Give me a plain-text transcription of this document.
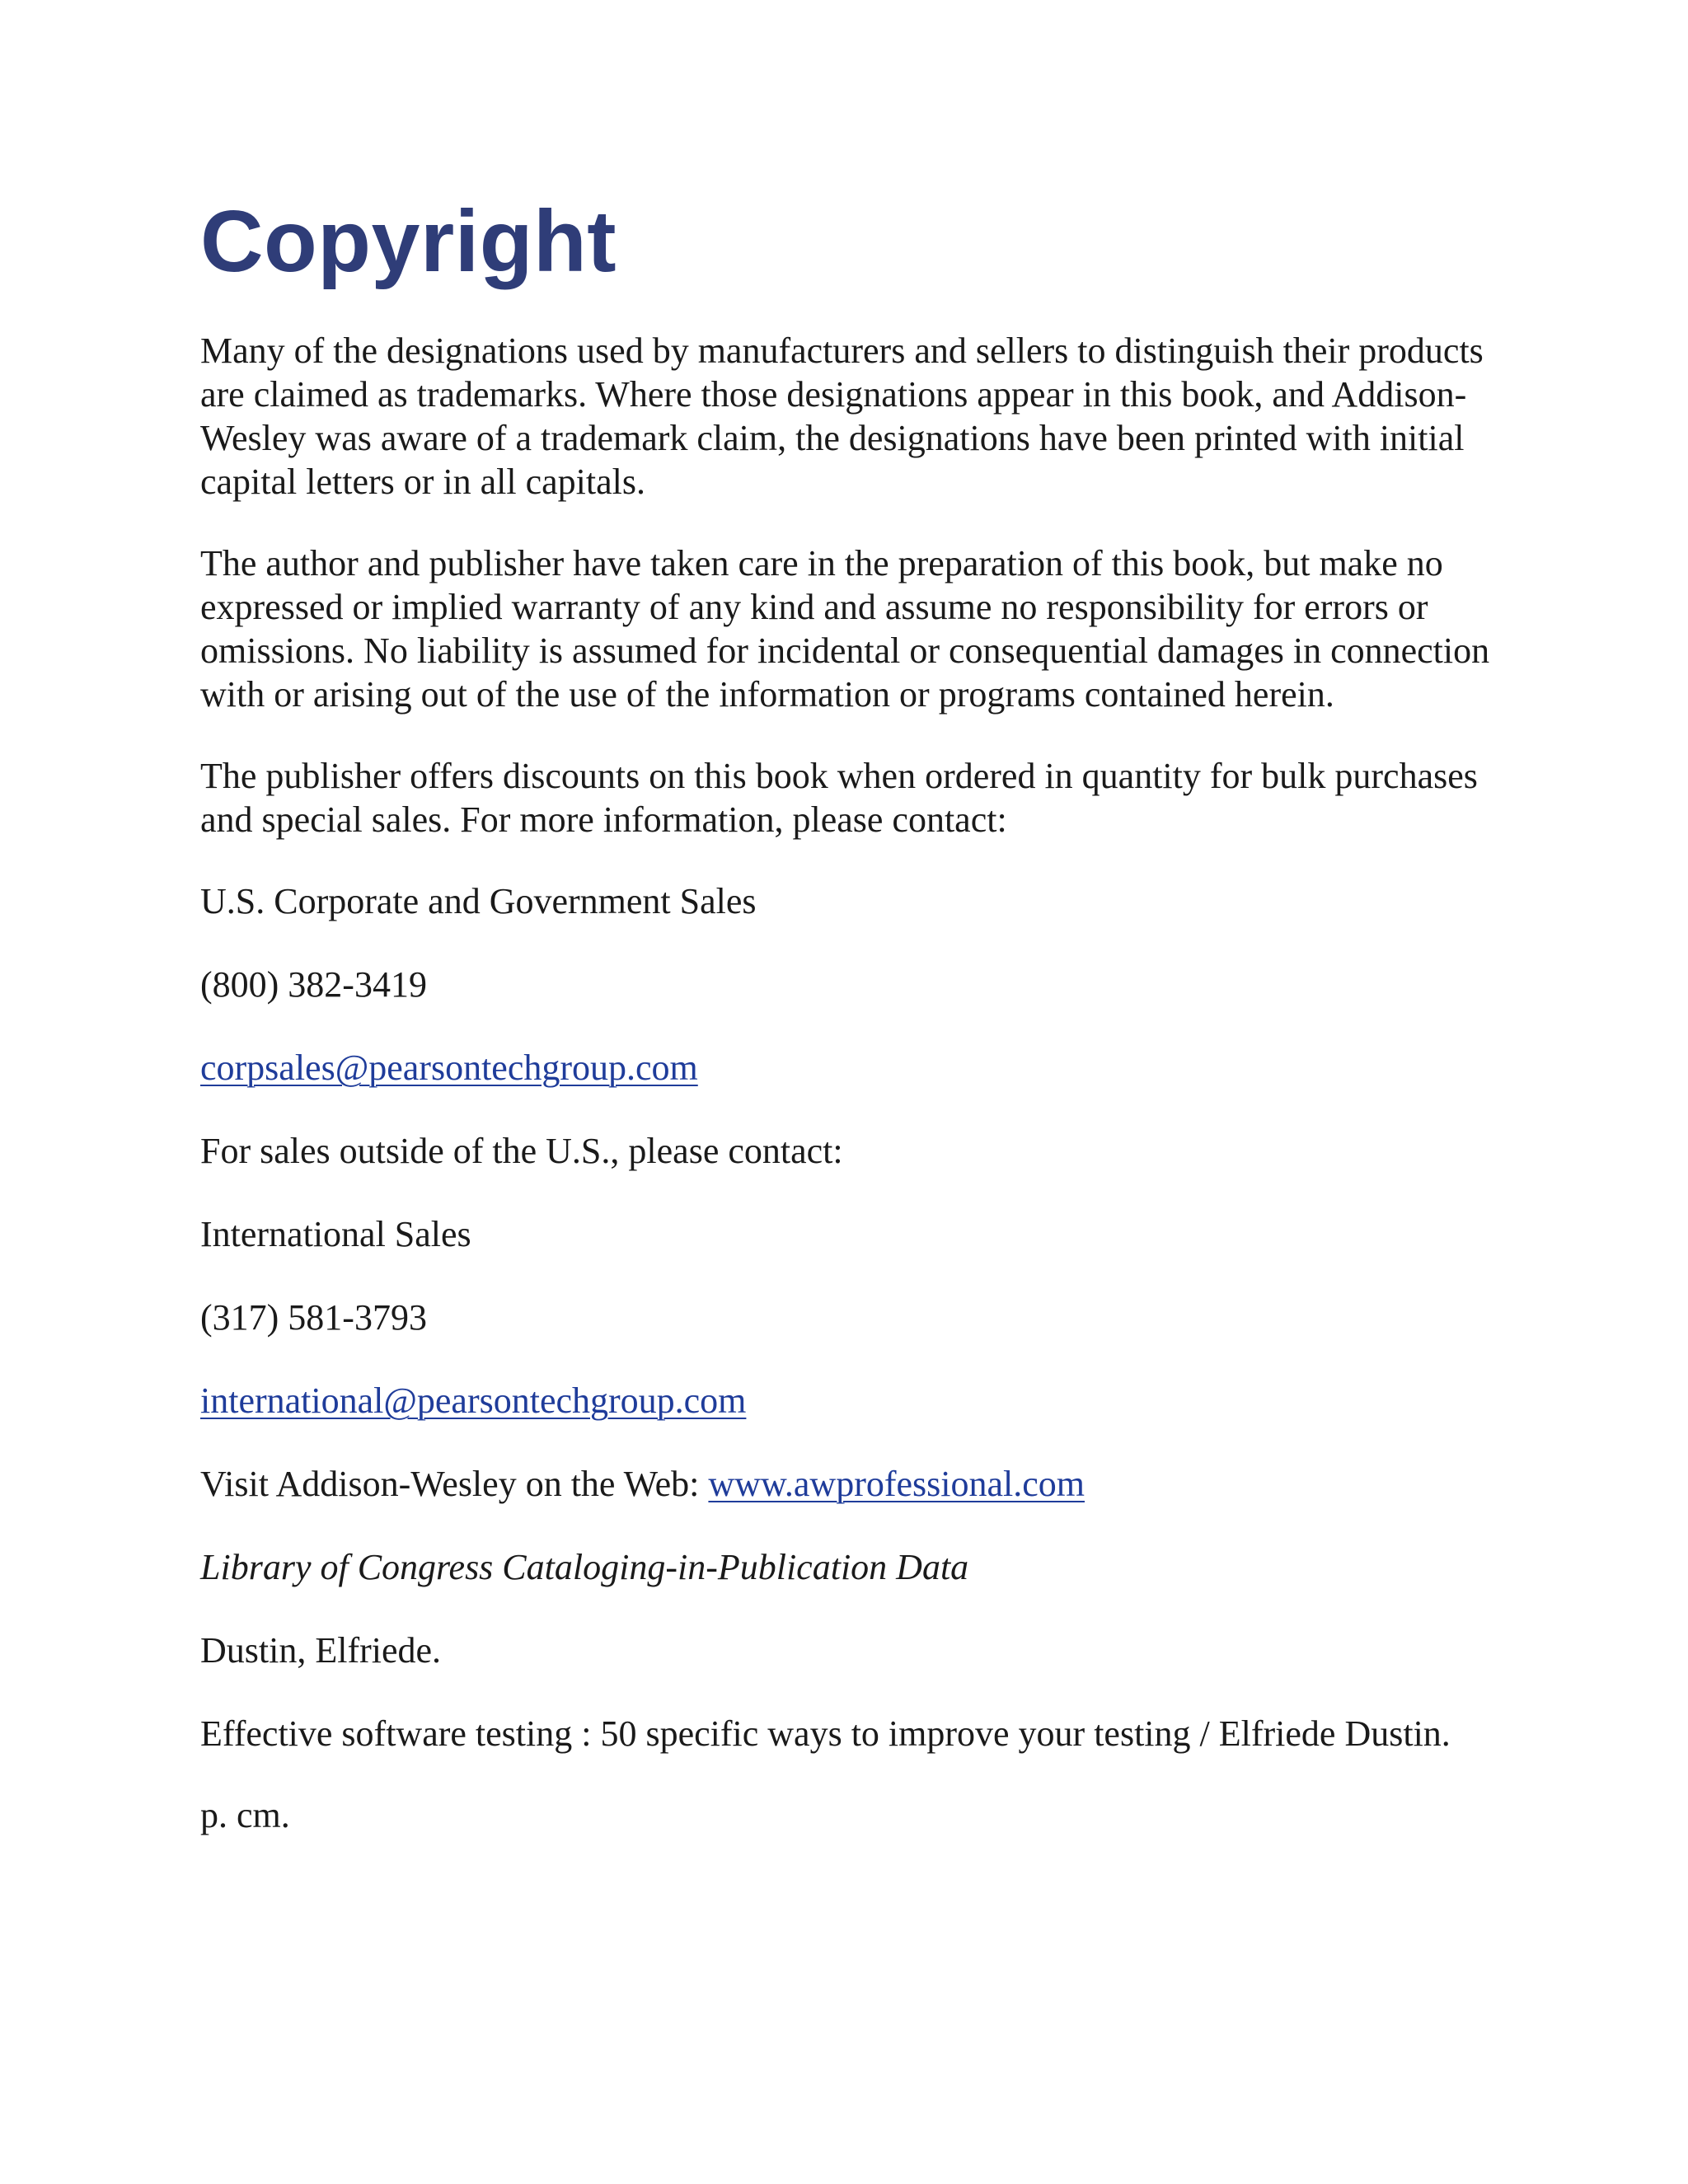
Copyright

Many of the designations used by manufacturers and sellers to distinguish their products are claimed as trademarks. Where those designations appear in this book, and Addison-Wesley was aware of a trademark claim, the designations have been printed with initial capital letters or in all capitals.

The author and publisher have taken care in the preparation of this book, but make no expressed or implied warranty of any kind and assume no responsibility for errors or omissions. No liability is assumed for incidental or consequential damages in connection with or arising out of the use of the information or programs contained herein.

The publisher offers discounts on this book when ordered in quantity for bulk purchases and special sales. For more information, please contact:

U.S. Corporate and Government Sales

(800) 382-3419

corpsales@pearsontechgroup.com

For sales outside of the U.S., please contact:

International Sales

(317) 581-3793

international@pearsontechgroup.com

Visit Addison-Wesley on the Web: www.awprofessional.com

Library of Congress Cataloging-in-Publication Data

Dustin, Elfriede.

Effective software testing : 50 specific ways to improve your testing / Elfriede Dustin.

p. cm.
